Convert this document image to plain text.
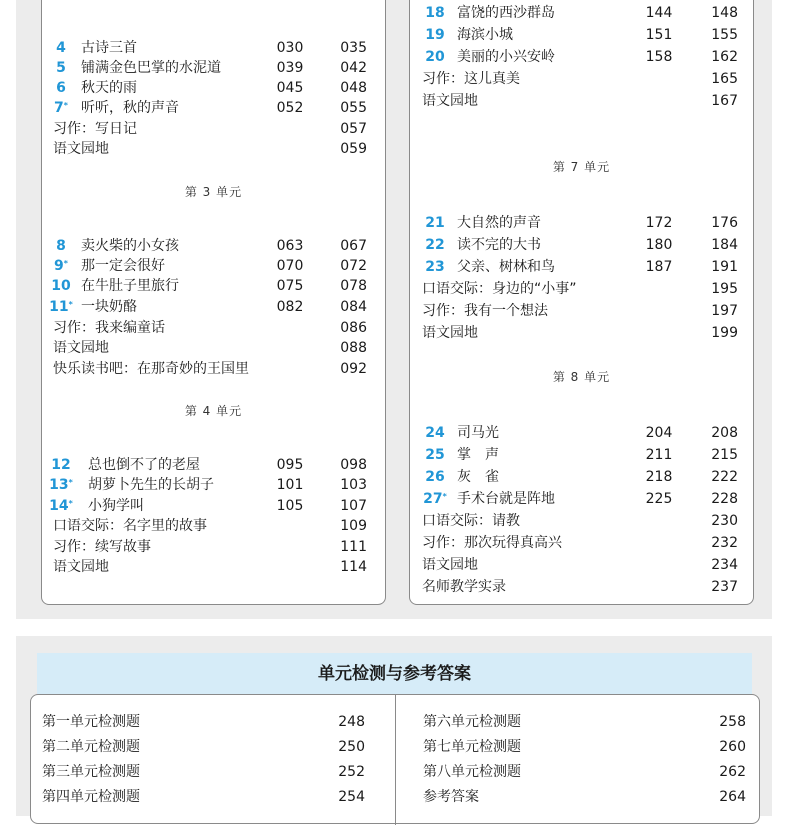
4	古诗三首	030	035
5	铺满金色巴掌的水泥道	039	042
6	秋天的雨	045	048
7* 听听，秋的声音	052	055
习作：写日记	057
语文园地	059
第 3 单元
8	卖火柴的小女孩	063	067
9* 那一定会很好	070	072
10 在牛肚子里旅行	075	078
11* 一块奶酪	082	084
习作：我来编童话	086
语文园地	088
快乐读书吧：在那奇妙的王国里	092
第 4 单元
12	总也倒不了的老屋	095	098
13* 胡萝卜先生的长胡子	101	103
14* 小狗学叫	105	107
口语交际：名字里的故事	109
习作：续写故事	111
语文园地	114
18 富饶的西沙群岛	144	148
19 海滨小城	151	155
20 美丽的小兴安岭	158	162
习作：这儿真美	165
语文园地	167
第 7 单元
21 大自然的声音	172	176
22 读不完的大书	180	184
23 父亲、树林和鸟	187	191
口语交际：身边的“小事”	195
习作：我有一个想法	197
语文园地	199
第 8 单元
24 司马光	204	208
25 掌　声	211	215
26 灰　雀	218	222
27* 手术台就是阵地	225	228
口语交际：请教	230
习作：那次玩得真高兴	232
语文园地	234
名师教学实录	237
单元检测与参考答案
第一单元检测题	248
第二单元检测题	250
第三单元检测题	252
第四单元检测题	254
第六单元检测题	258
第七单元检测题	260
第八单元检测题	262
参考答案	264
